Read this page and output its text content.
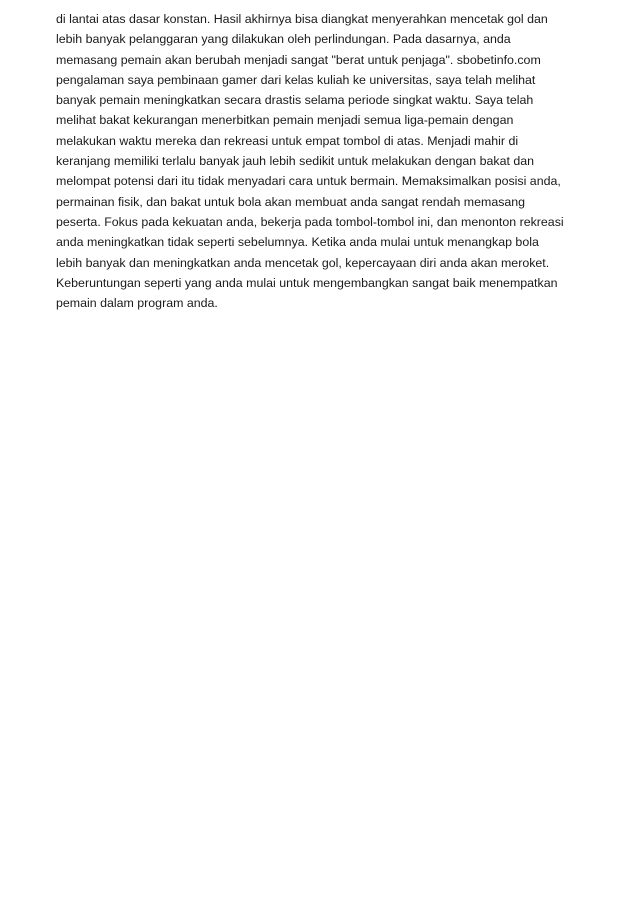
di lantai atas dasar konstan. Hasil akhirnya bisa diangkat menyerahkan mencetak gol dan
lebih banyak pelanggaran yang dilakukan oleh perlindungan. Pada dasarnya, anda
memasang pemain akan berubah menjadi sangat "berat untuk penjaga". sbobetinfo.com
pengalaman saya pembinaan gamer dari kelas kuliah ke universitas, saya telah melihat
banyak pemain meningkatkan secara drastis selama periode singkat waktu. Saya telah
melihat bakat kekurangan menerbitkan pemain menjadi semua liga-pemain dengan
melakukan waktu mereka dan rekreasi untuk empat tombol di atas. Menjadi mahir di
keranjang memiliki terlalu banyak jauh lebih sedikit untuk melakukan dengan bakat dan
melompat potensi dari itu tidak menyadari cara untuk bermain. Memaksimalkan posisi anda,
permainan fisik, dan bakat untuk bola akan membuat anda sangat rendah memasang
peserta. Fokus pada kekuatan anda, bekerja pada tombol-tombol ini, dan menonton rekreasi
anda meningkatkan tidak seperti sebelumnya. Ketika anda mulai untuk menangkap bola
lebih banyak dan meningkatkan anda mencetak gol, kepercayaan diri anda akan meroket.
Keberuntungan seperti yang anda mulai untuk mengembangkan sangat baik menempatkan
pemain dalam program anda.
